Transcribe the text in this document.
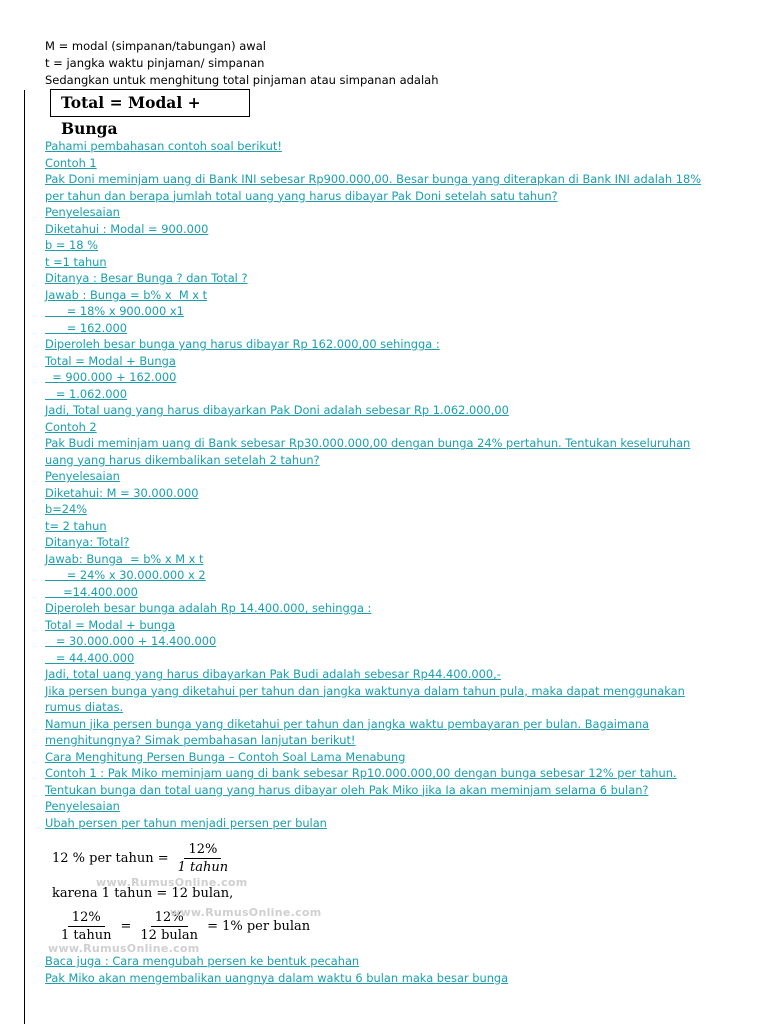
M = modal (simpanan/tabungan) awal
t = jangka waktu pinjaman/ simpanan
Sedangkan untuk menghitung total pinjaman atau simpanan adalah
Total = Modal + Bunga
Pahami pembahasan contoh soal berikut!
Contoh 1
Pak Doni meminjam uang di Bank INI sebesar Rp900.000,00. Besar bunga yang diterapkan di Bank INI adalah 18%
per tahun dan berapa jumlah total uang yang harus dibayar Pak Doni setelah satu tahun?
Penyelesaian
Diketahui : Modal = 900.000
b = 18 %
t =1 tahun
Ditanya : Besar Bunga ? dan Total ?
Jawab : Bunga = b% x  M x t
= 18% x 900.000 x1
= 162.000
Diperoleh besar bunga yang harus dibayar Rp 162.000,00 sehingga :
Total = Modal + Bunga
= 900.000 + 162.000
= 1.062.000
Jadi, Total uang yang harus dibayarkan Pak Doni adalah sebesar Rp 1.062.000,00
Contoh 2
Pak Budi meminjam uang di Bank sebesar Rp30.000.000,00 dengan bunga 24% pertahun. Tentukan keseluruhan
uang yang harus dikembalikan setelah 2 tahun?
Penyelesaian
Diketahui: M = 30.000.000
b=24%
t= 2 tahun
Ditanya: Total?
Jawab: Bunga  = b% x M x t
= 24% x 30.000.000 x 2
=14.400.000
Diperoleh besar bunga adalah Rp 14.400.000, sehingga :
Total = Modal + bunga
= 30.000.000 + 14.400.000
= 44.400.000
Jadi, total uang yang harus dibayarkan Pak Budi adalah sebesar Rp44.400.000,-
Jika persen bunga yang diketahui per tahun dan jangka waktunya dalam tahun pula, maka dapat menggunakan
rumus diatas.
Namun jika persen bunga yang diketahui per tahun dan jangka waktu pembayaran per bulan. Bagaimana
menghitungnya? Simak pembahasan lanjutan berikut!
Cara Menghitung Persen Bunga – Contoh Soal Lama Menabung
Contoh 1 : Pak Miko meminjam uang di bank sebesar Rp10.000.000,00 dengan bunga sebesar 12% per tahun.
Tentukan bunga dan total uang yang harus dibayar oleh Pak Miko jika Ia akan meminjam selama 6 bulan?
Penyelesaian
Ubah persen per tahun menjadi persen per bulan
12 % per tahun = $\frac{12\%}{\text{1 tahun}}$
karena 1 tahun = 12 bulan,
$\frac{12\%}{\text{1 tahun}} = \frac{12\%}{\text{12 bulan}} = 1\%$ per bulan
www.RumusOnline.com
www.RumusOnline.com
www.RumusOnline.com
Baca juga : Cara mengubah persen ke bentuk pecahan
Pak Miko akan mengembalikan uangnya dalam waktu 6 bulan maka besar bunga
